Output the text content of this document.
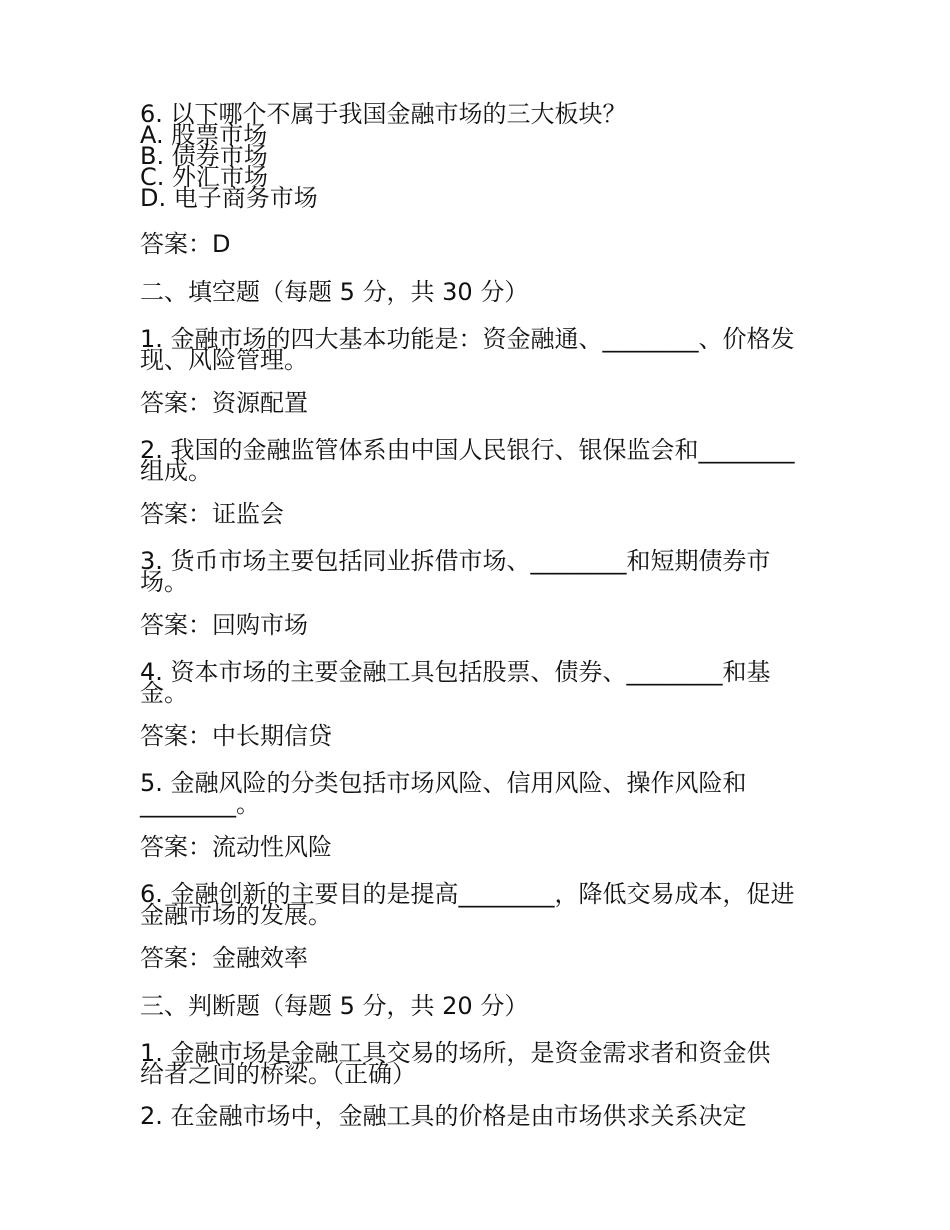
6. 以下哪个不属于我国金融市场的三大板块？

A. 股票市场

B. 债券市场

C. 外汇市场

D. 电子商务市场

答案：D
二、填空题（每题 5 分，共 30 分）

1. 金融市场的四大基本功能是：资金融通、________、价格发

现、风险管理。

答案：资源配置

2. 我国的金融监管体系由中国人民银行、银保监会和________

组成。

答案：证监会

3. 货币市场主要包括同业拆借市场、________和短期债券市

场。

答案：回购市场

4. 资本市场的主要金融工具包括股票、债券、________和基

金。

答案：中长期信贷

5. 金融风险的分类包括市场风险、信用风险、操作风险和

________。

答案：流动性风险

6. 金融创新的主要目的是提高________，降低交易成本，促进

金融市场的发展。

答案：金融效率
三、判断题（每题 5 分，共 20 分）

1. 金融市场是金融工具交易的场所，是资金需求者和资金供

给者之间的桥梁。（正确）

2. 在金融市场中，金融工具的价格是由市场供求关系决定
